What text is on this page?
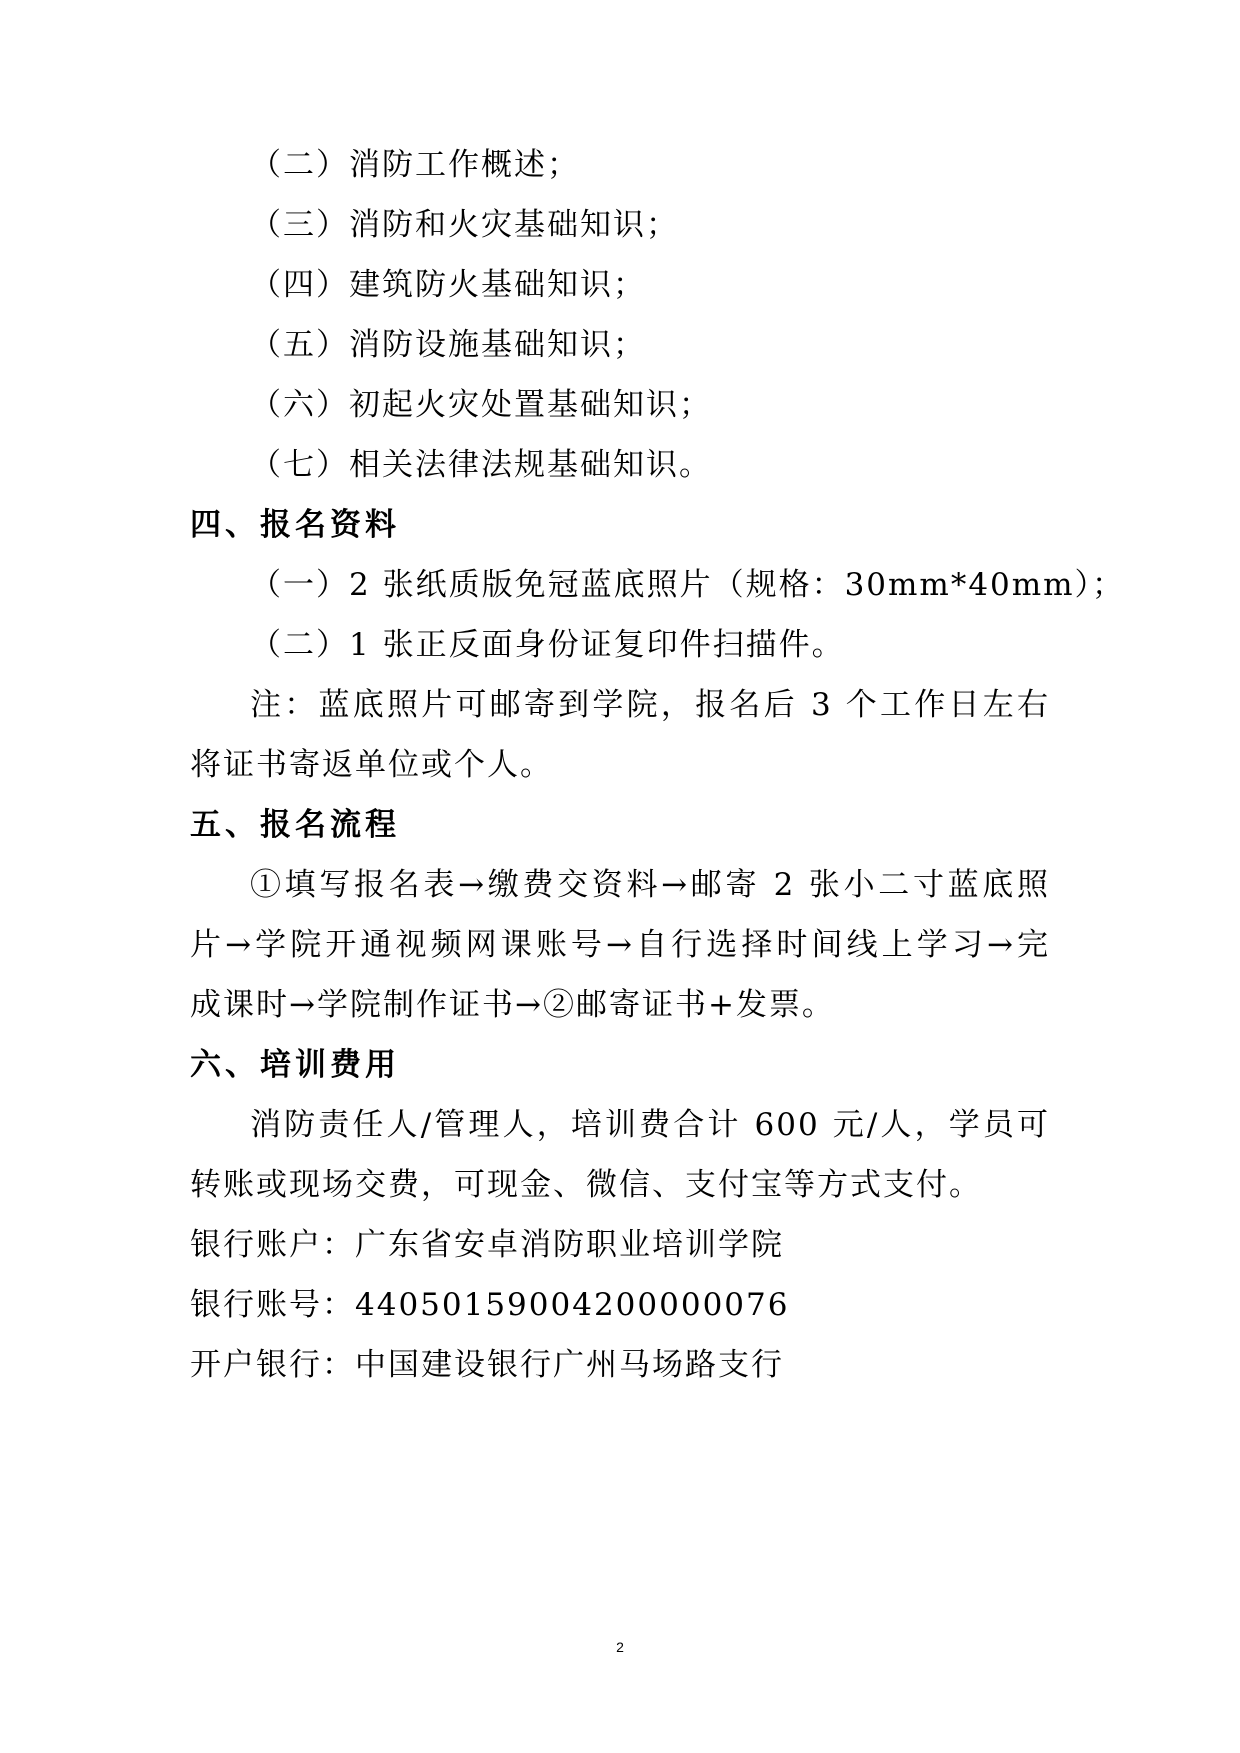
（二）消防工作概述；
（三）消防和火灾基础知识；
（四）建筑防火基础知识；
（五）消防设施基础知识；
（六）初起火灾处置基础知识；
（七）相关法律法规基础知识。
四、报名资料
（一）2 张纸质版免冠蓝底照片（规格：30mm*40mm）；
（二）1 张正反面身份证复印件扫描件。
注：蓝底照片可邮寄到学院，报名后 3 个工作日左右
将证书寄返单位或个人。
五、报名流程
①填写报名表→缴费交资料→邮寄 2 张小二寸蓝底照
片→学院开通视频网课账号→自行选择时间线上学习→完
成课时→学院制作证书→②邮寄证书+发票。
六、培训费用
消防责任人/管理人，培训费合计 600 元/人，学员可
转账或现场交费，可现金、微信、支付宝等方式支付。
银行账户：广东省安卓消防职业培训学院
银行账号：44050159004200000076
开户银行：中国建设银行广州马场路支行
2
